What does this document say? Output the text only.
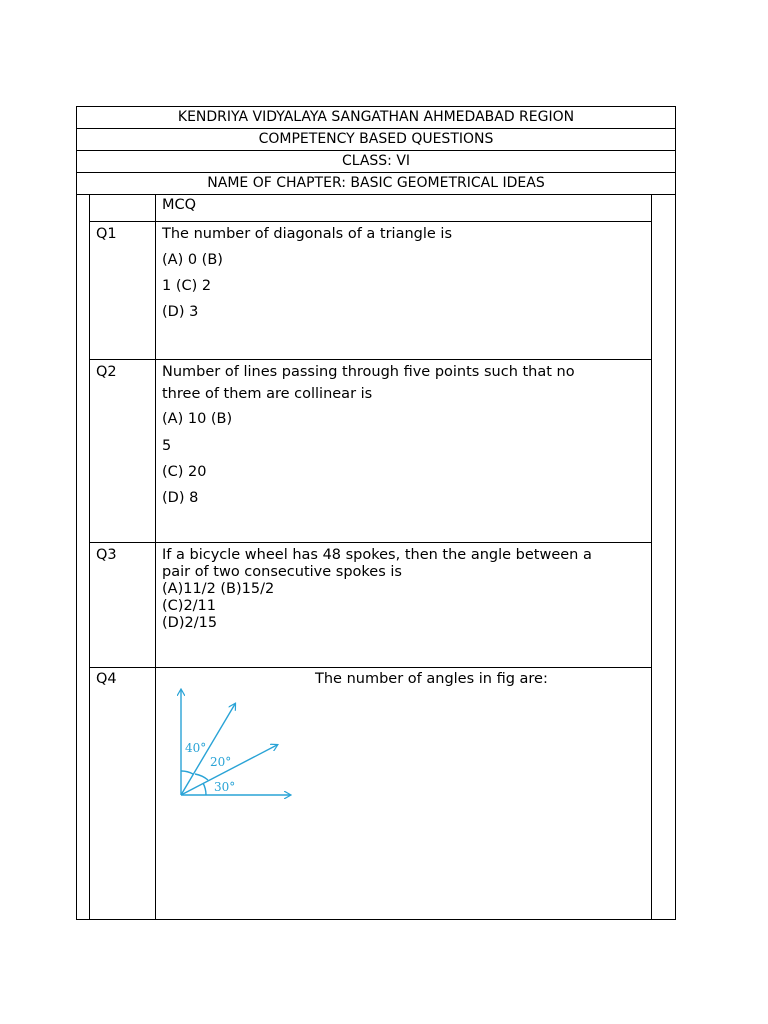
KENDRIYA VIDYALAYA SANGATHAN AHMEDABAD REGION
COMPETENCY BASED QUESTIONS
CLASS: VI
NAME OF CHAPTER: BASIC GEOMETRICAL IDEAS
MCQ
Q1	The number of diagonals of a triangle is
(A) 0 (B)
1 (C) 2
(D) 3
Q2	Number of lines passing through five points such that no
three of them are collinear is
(A) 10 (B)
5
(C) 20
(D) 8
Q3	If a bicycle wheel has 48 spokes, then the angle between a
pair of two consecutive spokes is
(A)11/2 (B)15/2
(C)2/11
(D)2/15
Q4	The number of angles in fig are:
40°
20°
30°
